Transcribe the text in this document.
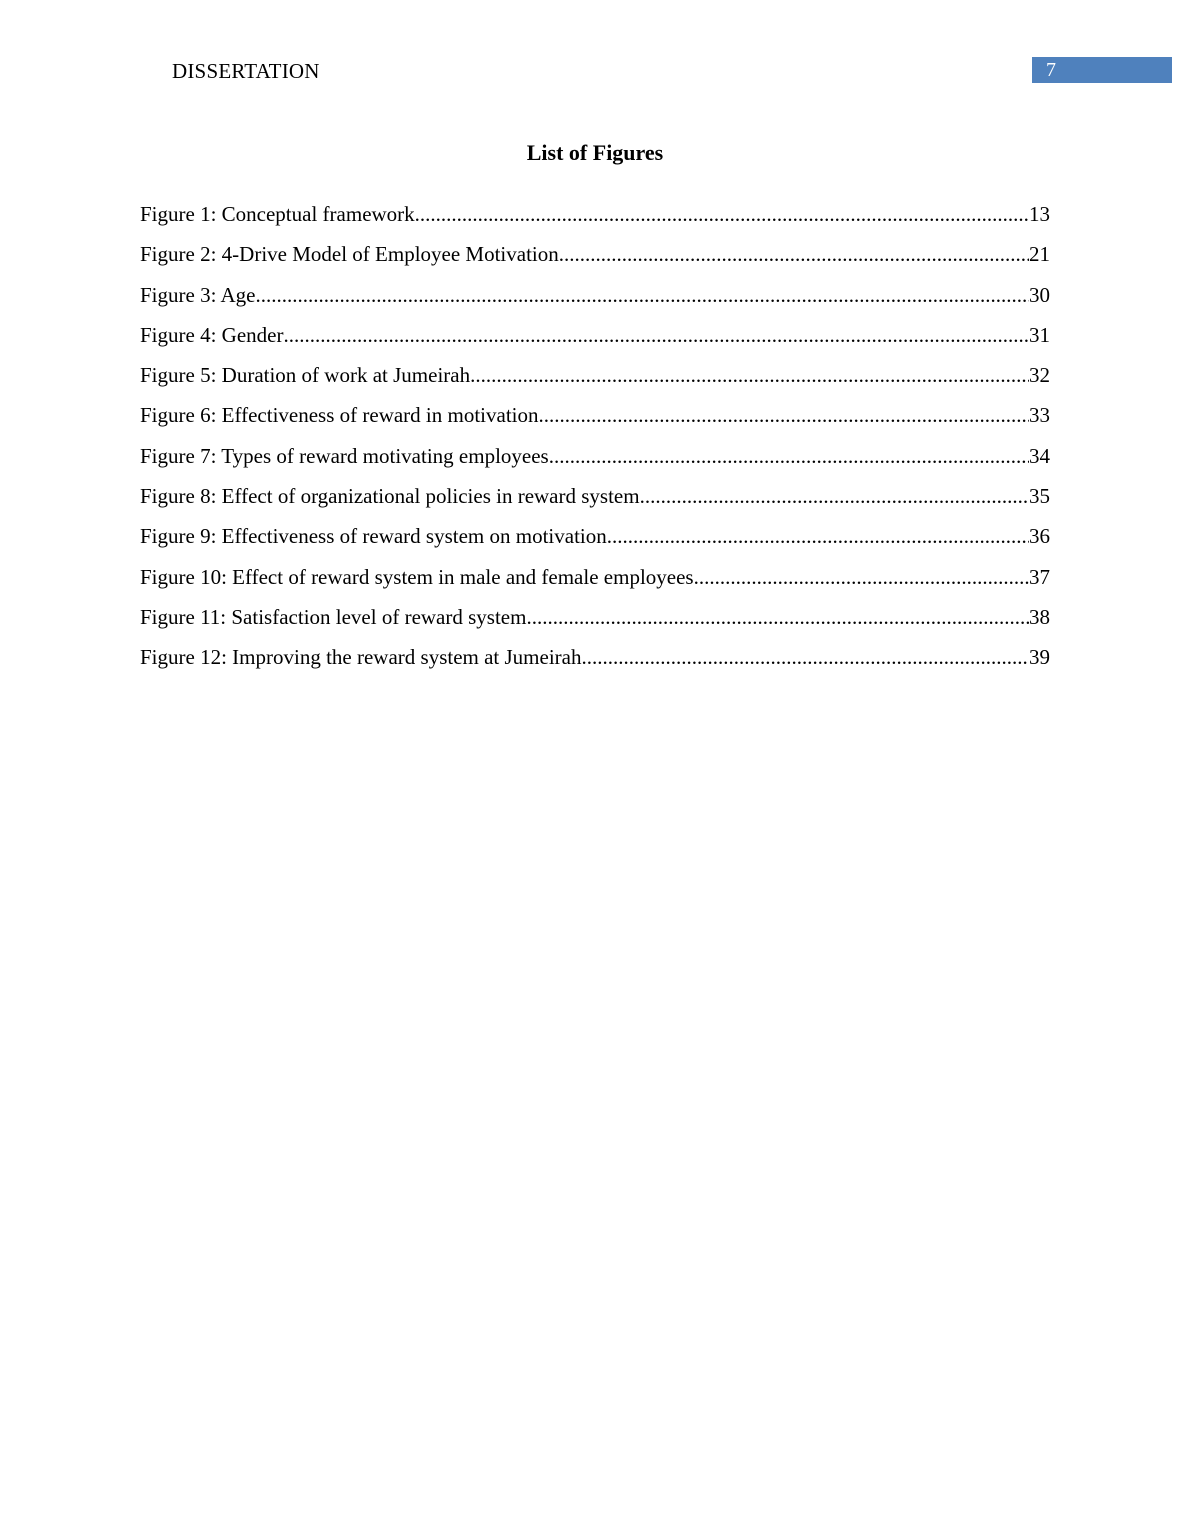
DISSERTATION	7
List of Figures
Figure 1: Conceptual framework .....	13
Figure 2: 4-Drive Model of Employee Motivation .....	21
Figure 3: Age .....	30
Figure 4: Gender .....	31
Figure 5: Duration of work at Jumeirah .....	32
Figure 6: Effectiveness of reward in motivation .....	33
Figure 7: Types of reward motivating employees .....	34
Figure 8: Effect of organizational policies in reward system .....	35
Figure 9: Effectiveness of reward system on motivation .....	36
Figure 10: Effect of reward system in male and female employees .....	37
Figure 11: Satisfaction level of reward system .....	38
Figure 12: Improving the reward system at Jumeirah .....	39
